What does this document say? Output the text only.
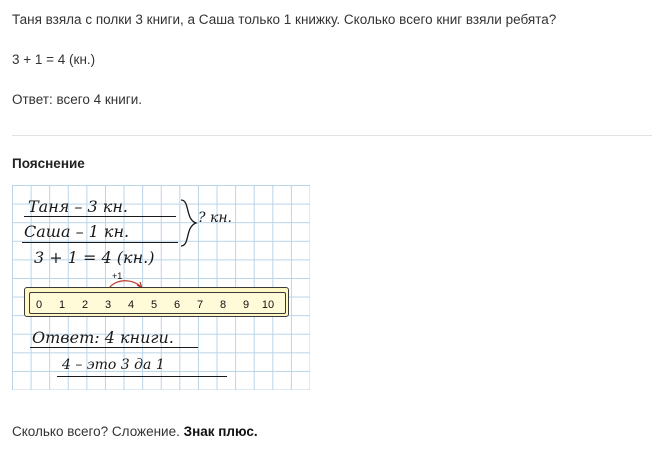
Таня взяла с полки 3 книги, а Саша только 1 книжку. Сколько всего книг взяли ребята?
3 + 1 = 4 (кн.)
Ответ: всего 4 книги.
Пояснение
Таня – 3 кн.
Саша – 1 кн.
? кн.
3 + 1 = 4 (кн.)
+1
0	1	2	3	4	5	6	7	8	9	10
Ответ: 4 книги.
4 – это 3 да 1
Сколько всего? Сложение. Знак плюс.
